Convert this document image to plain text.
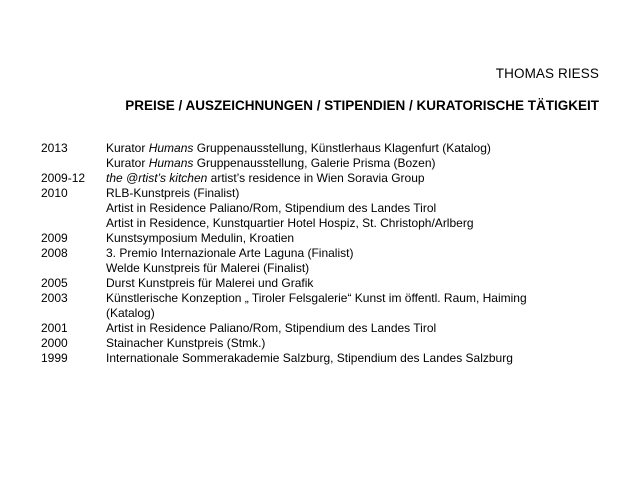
THOMAS RIESS
PREISE / AUSZEICHNUNGEN / STIPENDIEN / KURATORISCHE TÄTIGKEIT
2013	Kurator Humans Gruppenausstellung, Künstlerhaus Klagenfurt (Katalog)
Kurator Humans Gruppenausstellung, Galerie Prisma (Bozen)
2009-12	the @rtist’s kitchen artist’s residence in Wien Soravia Group
2010	RLB-Kunstpreis (Finalist)
Artist in Residence Paliano/Rom, Stipendium des Landes Tirol
Artist in Residence, Kunstquartier Hotel Hospiz, St. Christoph/Arlberg
2009	Kunstsymposium Medulin, Kroatien
2008	3. Premio Internazionale Arte Laguna (Finalist)
Welde Kunstpreis für Malerei (Finalist)
2005	Durst Kunstpreis für Malerei und Grafik
2003	Künstlerische Konzeption „ Tiroler Felsgalerie“ Kunst im öffentl. Raum, Haiming
(Katalog)
2001	Artist in Residence Paliano/Rom, Stipendium des Landes Tirol
2000	Stainacher Kunstpreis (Stmk.)
1999	Internationale Sommerakademie Salzburg, Stipendium des Landes Salzburg
